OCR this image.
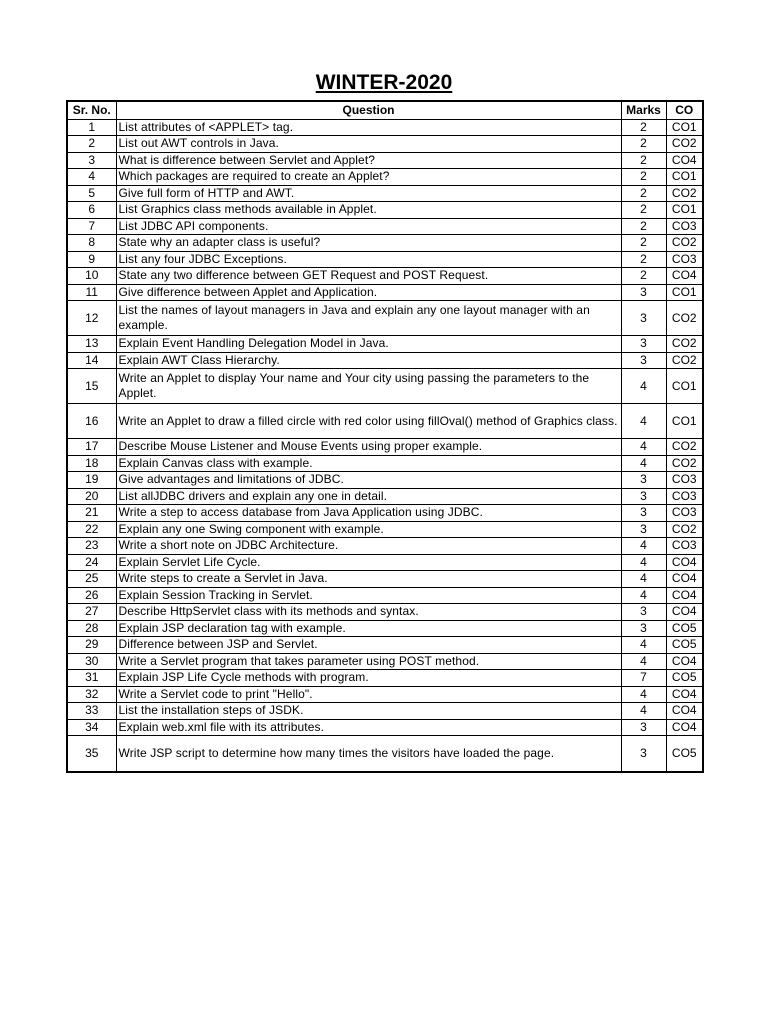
WINTER-2020
Sr. No.	Question	Marks	CO
1	List attributes of <APPLET> tag.	2	CO1
2	List out AWT controls in Java.	2	CO2
3	What is difference between Servlet and Applet?	2	CO4
4	Which packages are required to create an Applet?	2	CO1
5	Give full form of HTTP and AWT.	2	CO2
6	List Graphics class methods available in Applet.	2	CO1
7	List JDBC API components.	2	CO3
8	State why an adapter class is useful?	2	CO2
9	List any four JDBC Exceptions.	2	CO3
10	State any two difference between GET Request and POST Request.	2	CO4
11	Give difference between Applet and Application.	3	CO1
12	List the names of layout managers in Java and explain any one layout manager with an example.	3	CO2
13	Explain Event Handling Delegation Model in Java.	3	CO2
14	Explain AWT Class Hierarchy.	3	CO2
15	Write an Applet to display Your name and Your city using passing the parameters to the Applet.	4	CO1
16	Write an Applet to draw a filled circle with red color using fillOval() method of Graphics class.	4	CO1
17	Describe Mouse Listener and Mouse Events using proper example.	4	CO2
18	Explain Canvas class with example.	4	CO2
19	Give advantages and limitations of JDBC.	3	CO3
20	List allJDBC drivers and explain any one in detail.	3	CO3
21	Write a step to access database from Java Application using JDBC.	3	CO3
22	Explain any one Swing component with example.	3	CO2
23	Write a short note on JDBC Architecture.	4	CO3
24	Explain Servlet Life Cycle.	4	CO4
25	Write steps to create a Servlet in Java.	4	CO4
26	Explain Session Tracking in Servlet.	4	CO4
27	Describe HttpServlet class with its methods and syntax.	3	CO4
28	Explain JSP declaration tag with example.	3	CO5
29	Difference between JSP and Servlet.	4	CO5
30	Write a Servlet program that takes parameter using POST method.	4	CO4
31	Explain JSP Life Cycle methods with program.	7	CO5
32	Write a Servlet code to print "Hello".	4	CO4
33	List the installation steps of JSDK.	4	CO4
34	Explain web.xml file with its attributes.	3	CO4
35	Write JSP script to determine how many times the visitors have loaded the page.	3	CO5
